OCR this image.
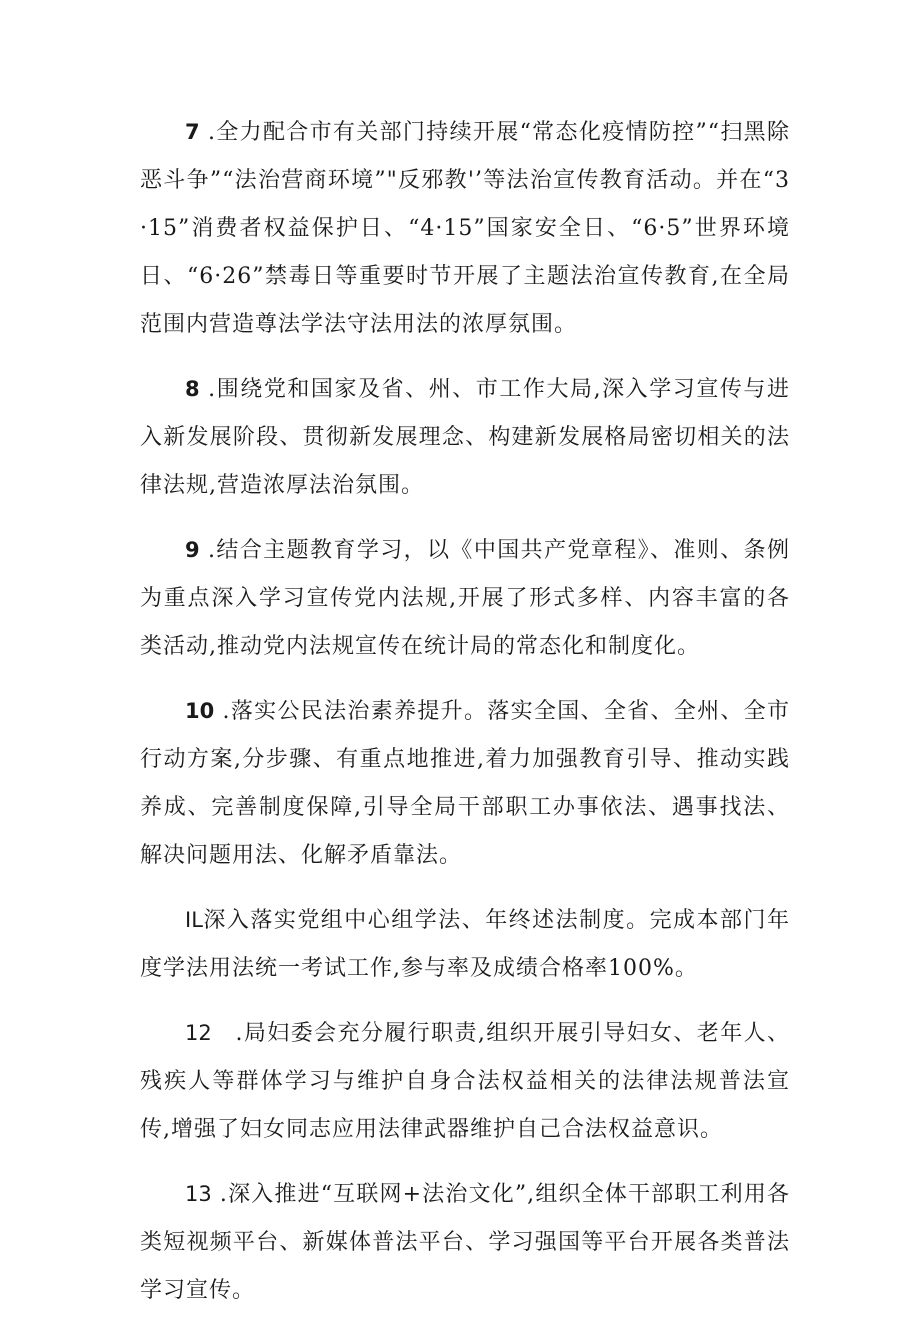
7 .全力配合市有关部门持续开展“常态化疫情防控”“扫黑除恶斗争”“法治营商环境”"反邪教'’等法治宣传教育活动。并在“3·15”消费者权益保护日、“4·15”国家安全日、“6·5”世界环境日、“6·26”禁毒日等重要时节开展了主题法治宣传教育,在全局范围内营造尊法学法守法用法的浓厚氛围。

8 .围绕党和国家及省、州、市工作大局,深入学习宣传与进入新发展阶段、贯彻新发展理念、构建新发展格局密切相关的法律法规,营造浓厚法治氛围。

9 .结合主题教育学习，以《中国共产党章程》、准则、条例为重点深入学习宣传党内法规,开展了形式多样、内容丰富的各类活动,推动党内法规宣传在统计局的常态化和制度化。

10 .落实公民法治素养提升。落实全国、全省、全州、全市行动方案,分步骤、有重点地推进,着力加强教育引导、推动实践养成、完善制度保障,引导全局干部职工办事依法、遇事找法、解决问题用法、化解矛盾靠法。

IL深入落实党组中心组学法、年终述法制度。完成本部门年度学法用法统一考试工作,参与率及成绩合格率100%。

12　.局妇委会充分履行职责,组织开展引导妇女、老年人、残疾人等群体学习与维护自身合法权益相关的法律法规普法宣传,增强了妇女同志应用法律武器维护自己合法权益意识。

13 .深入推进“互联网+法治文化”,组织全体干部职工利用各类短视频平台、新媒体普法平台、学习强国等平台开展各类普法学习宣传。
